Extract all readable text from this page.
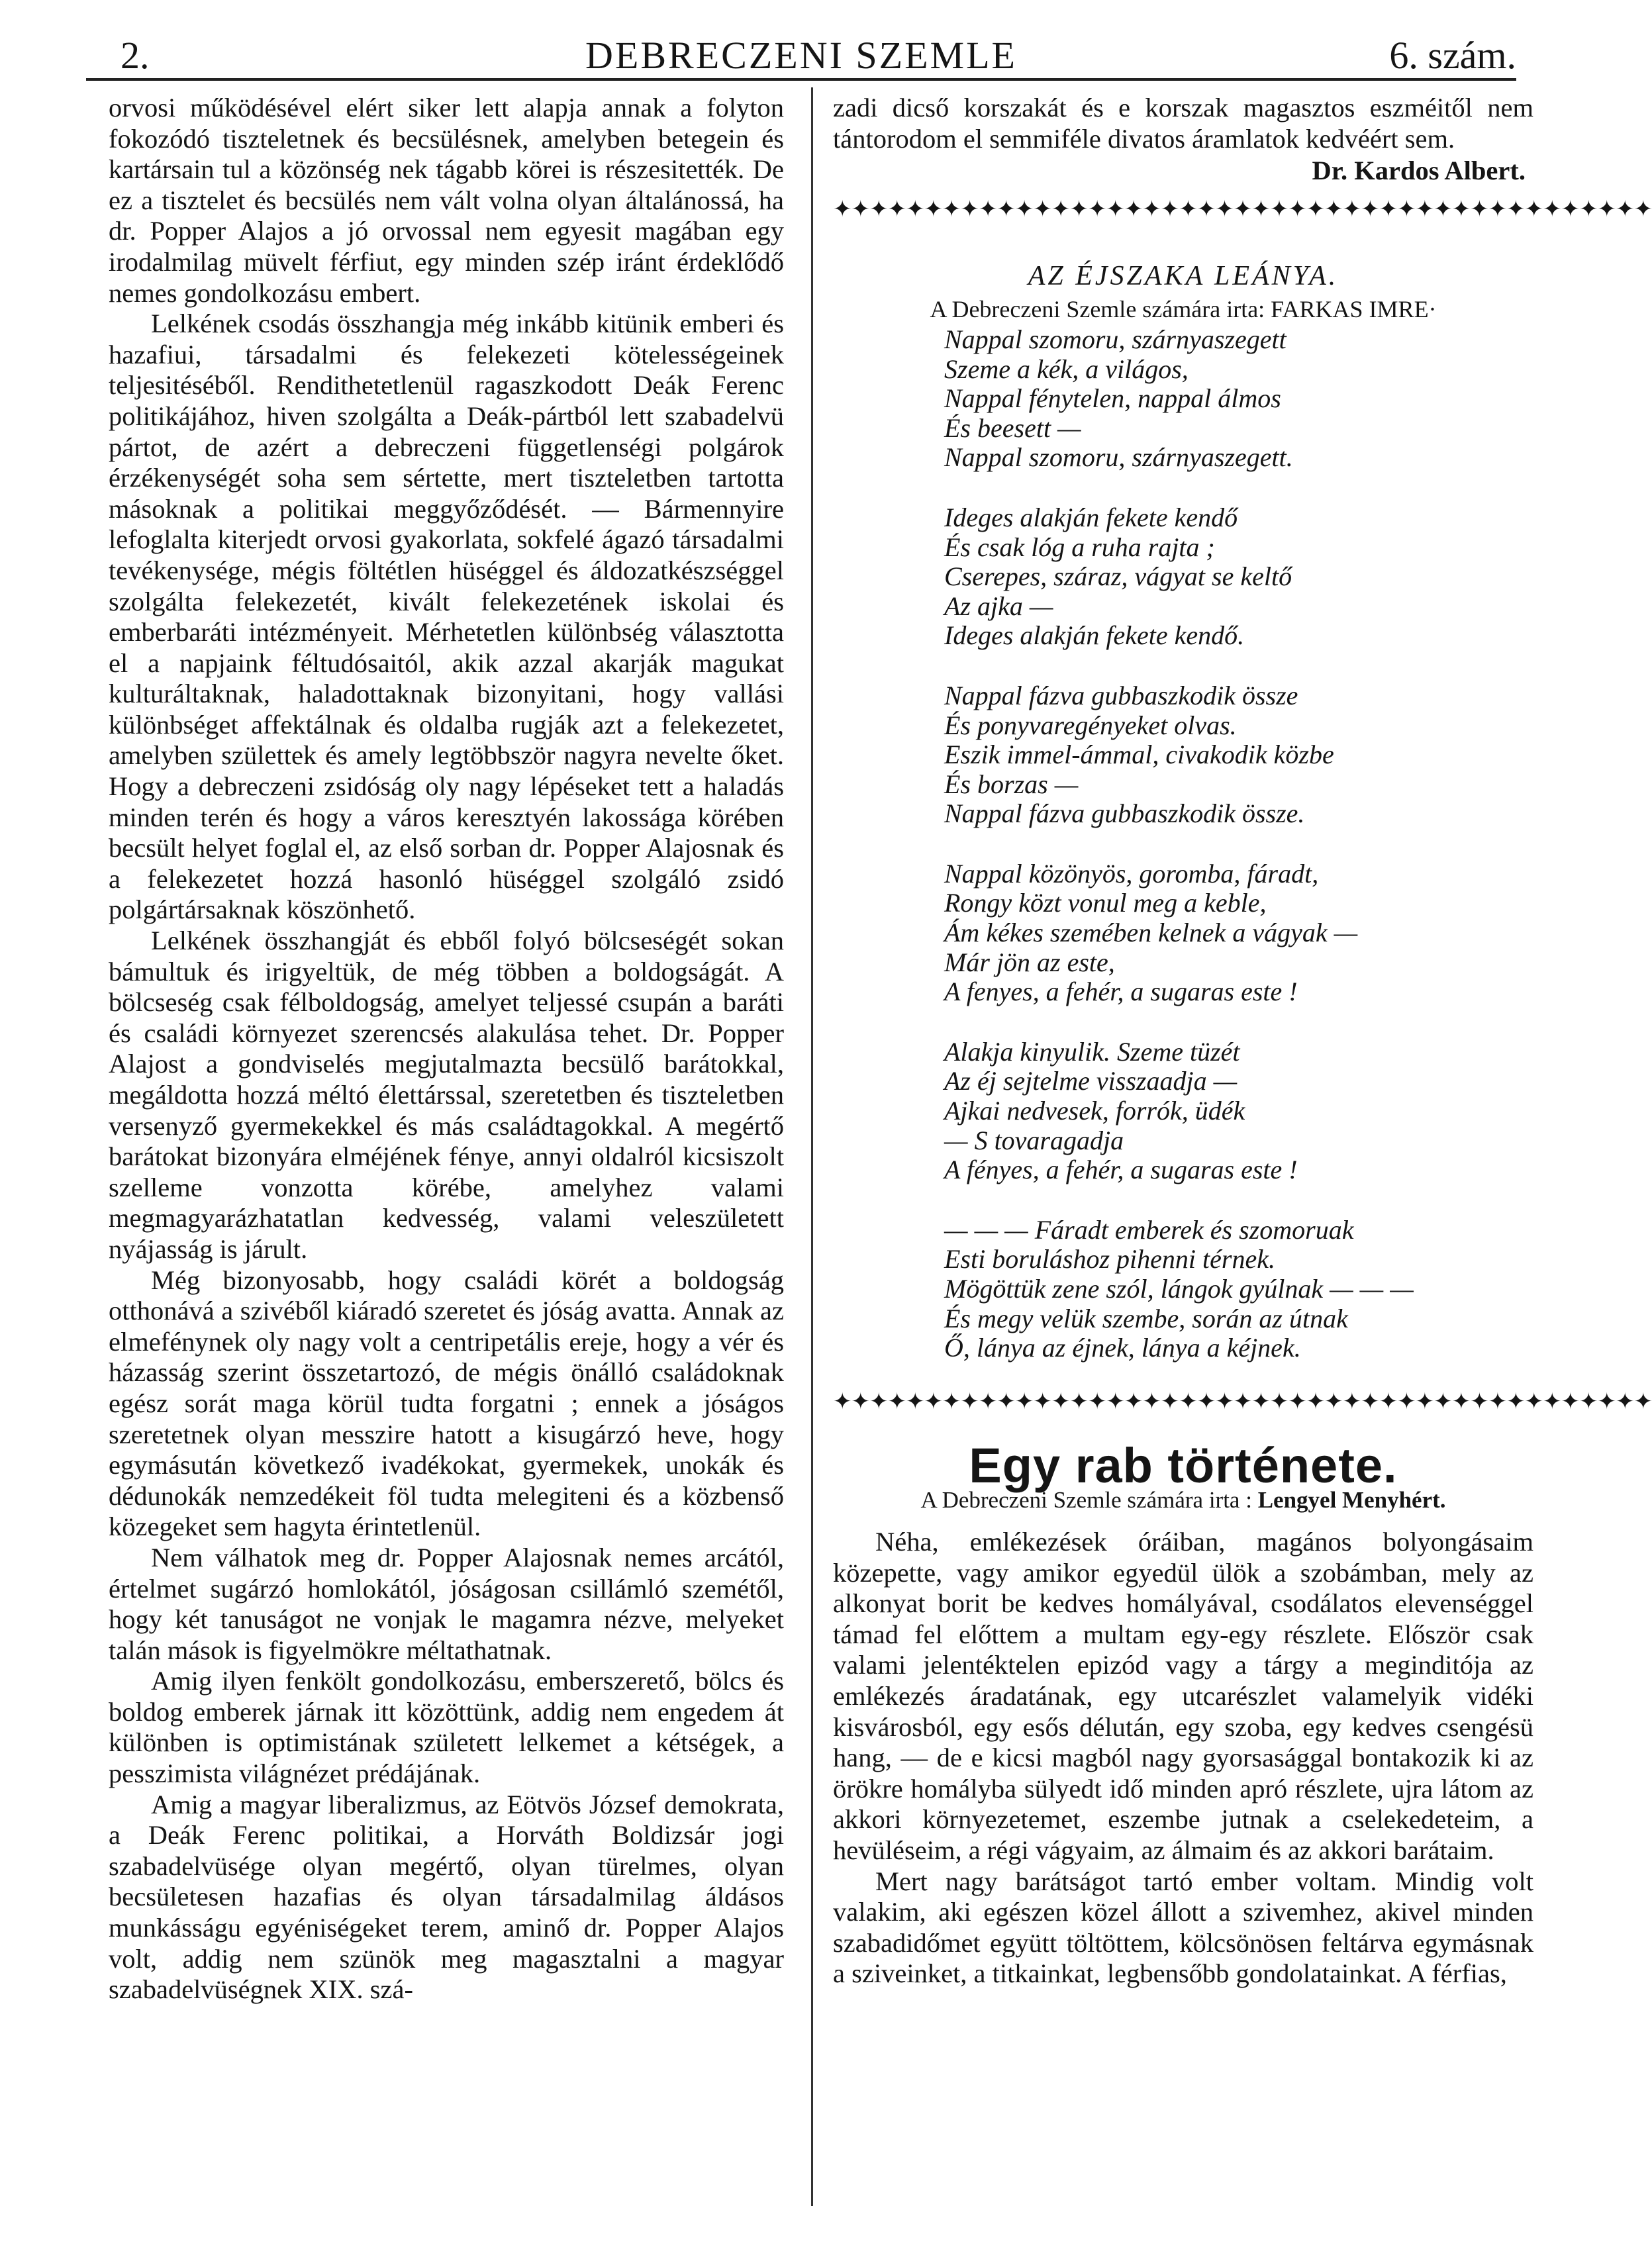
2.	DEBRECZENI SZEMLE	6. szám.

orvosi működésével elért siker lett alapja annak a folyton fokozódó tiszteletnek és becsülésnek, amelyben betegein és kartársain tul a közönség nek tágabb körei is részesitették. De ez a tisztelet és becsülés nem vált volna olyan általánossá, ha dr. Popper Alajos a jó orvossal nem egyesit magában egy irodalmilag müvelt férfiut, egy minden szép iránt érdeklődő nemes gondolkozásu embert.

Lelkének csodás összhangja még inkább kitünik emberi és hazafiui, társadalmi és felekezeti kötelességeinek teljesitéséből. Rendithetetlenül ragaszkodott Deák Ferenc politikájához, hiven szolgálta a Deák-pártból lett szabadelvü pártot, de azért a debreczeni függetlenségi polgárok érzékenységét soha sem sértette, mert tiszteletben tartotta másoknak a politikai meggyőződését. — Bármennyire lefoglalta kiterjedt orvosi gyakorlata, sokfelé ágazó társadalmi tevékenysége, mégis föltétlen hüséggel és áldozatkészséggel szolgálta felekezetét, kivált felekezetének iskolai és emberbaráti intézményeit. Mérhetetlen különbség választotta el a napjaink féltudósaitól, akik azzal akarják magukat kulturáltaknak, haladottaknak bizonyitani, hogy vallási különbséget affektálnak és oldalba rugják azt a felekezetet, amelyben születtek és amely legtöbbször nagyra nevelte őket. Hogy a debreczeni zsidóság oly nagy lépéseket tett a haladás minden terén és hogy a város keresztyén lakossága körében becsült helyet foglal el, az első sorban dr. Popper Alajosnak és a felekezetet hozzá hasonló hüséggel szolgáló zsidó polgártársaknak köszönhető.

Lelkének összhangját és ebből folyó bölcseségét sokan bámultuk és irigyeltük, de még többen a boldogságát. A bölcseség csak félboldogság, amelyet teljessé csupán a baráti és családi környezet szerencsés alakulása tehet. Dr. Popper Alajost a gondviselés megjutalmazta becsülő barátokkal, megáldotta hozzá méltó élettárssal, szeretetben és tiszteletben versenyző gyermekekkel és más családtagokkal. A megértő barátokat bizonyára elméjének fénye, annyi oldalról kicsiszolt szelleme vonzotta körébe, amelyhez valami megmagyarázhatatlan kedvesség, valami veleszületett nyájasság is járult.

Még bizonyosabb, hogy családi körét a boldogság otthonává a szivéből kiáradó szeretet és jóság avatta. Annak az elmefénynek oly nagy volt a centripetális ereje, hogy a vér és házasság szerint összetartozó, de mégis önálló családoknak egész sorát maga körül tudta forgatni ; ennek a jóságos szeretetnek olyan messzire hatott a kisugárzó heve, hogy egymásután következő ivadékokat, gyermekek, unokák és dédunokák nemzedékeit föl tudta melegiteni és a közbenső közegeket sem hagyta érintetlenül.

Nem válhatok meg dr. Popper Alajosnak nemes arcától, értelmet sugárzó homlokától, jóságosan csillámló szemétől, hogy két tanuságot ne vonjak le magamra nézve, melyeket talán mások is figyelmökre méltathatnak.

Amig ilyen fenkölt gondolkozásu, emberszerető, bölcs és boldog emberek járnak itt közöttünk, addig nem engedem át különben is optimistának született lelkemet a kétségek, a pesszimista világnézet prédájának.

Amig a magyar liberalizmus, az Eötvös József demokrata, a Deák Ferenc politikai, a Horváth Boldizsár jogi szabadelvüsége olyan megértő, olyan türelmes, olyan becsületesen hazafias és olyan társadalmilag áldásos munkásságu egyéniségeket terem, aminő dr. Popper Alajos volt, addig nem szünök meg magasztalni a magyar szabadelvüségnek XIX. szá-

zadi dicső korszakát és e korszak magasztos eszméitől nem tántorodom el semmiféle divatos áramlatok kedvéért sem.

Dr. Kardos Albert.

✦✦✦✦✦✦✦✦✦✦✦✦✦✦✦✦✦✦✦✦✦✦✦✦✦✦✦✦✦✦✦✦✦✦✦✦✦✦✦✦✦✦✦✦✦

AZ ÉJSZAKA LEÁNYA.

A Debreczeni Szemle számára irta: FARKAS IMRE·

Nappal szomoru, szárnyaszegett
Szeme a kék, a világos,
Nappal fénytelen, nappal álmos
És beesett —
Nappal szomoru, szárnyaszegett.
Ideges alakján fekete kendő
És csak lóg a ruha rajta ;
Cserepes, száraz, vágyat se keltő
Az ajka —
Ideges alakján fekete kendő.
Nappal fázva gubbaszkodik össze
És ponyvaregényeket olvas.
Eszik immel-ámmal, civakodik közbe
És borzas —
Nappal fázva gubbaszkodik össze.
Nappal közönyös, goromba, fáradt,
Rongy közt vonul meg a keble,
Ám kékes szemében kelnek a vágyak —
Már jön az este,
A fenyes, a fehér, a sugaras este !
Alakja kinyulik. Szeme tüzét
Az éj sejtelme visszaadja —
Ajkai nedvesek, forrók, üdék
— S tovaragadja
A fényes, a fehér, a sugaras este !
— — — Fáradt emberek és szomoruak
Esti boruláshoz pihenni térnek.
Mögöttük zene szól, lángok gyúlnak — — —
És megy velük szembe, során az útnak
Ő, lánya az éjnek, lánya a kéjnek.
✦✦✦✦✦✦✦✦✦✦✦✦✦✦✦✦✦✦✦✦✦✦✦✦✦✦✦✦✦✦✦✦✦✦✦✦✦✦✦✦✦✦✦✦✦

Egy rab története.

A Debreczeni Szemle számára irta : Lengyel Menyhért.

Néha, emlékezések óráiban, magános bolyongásaim közepette, vagy amikor egyedül ülök a szobámban, mely az alkonyat borit be kedves homályával, csodálatos elevenséggel támad fel előttem a multam egy-egy részlete. Először csak valami jelentéktelen epizód vagy a tárgy a meginditója az emlékezés áradatának, egy utcarészlet valamelyik vidéki kisvárosból, egy esős délután, egy szoba, egy kedves csengésü hang, — de e kicsi magból nagy gyorsasággal bontakozik ki az örökre homályba sülyedt idő minden apró részlete, ujra látom az akkori környezetemet, eszembe jutnak a cselekedeteim, a hevüléseim, a régi vágyaim, az álmaim és az akkori barátaim.

Mert nagy barátságot tartó ember voltam. Mindig volt valakim, aki egészen közel állott a szivemhez, akivel minden szabadidőmet együtt töltöttem, kölcsönösen feltárva egymásnak a sziveinket, a titkainkat, legbensőbb gondolatainkat. A férfias,
